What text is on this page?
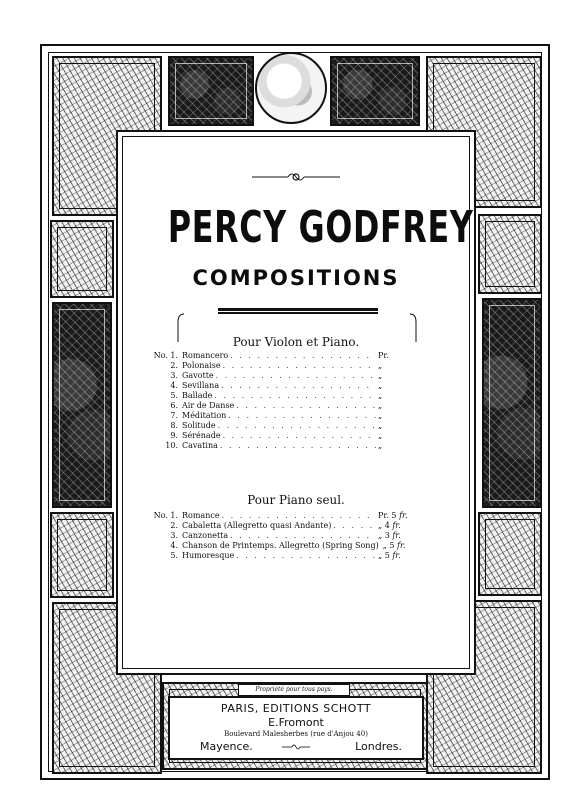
PERCY GODFREY
COMPOSITIONS
Pour Violon et Piano.
No. 1. Romancero . . .	Pr.
2. Polonaise . . .	„
3. Gavotte . . .	„
4. Sevillana . . .	„
5. Ballade . . .	„
6. Air de Danse . . .	„
7. Méditation . . .	„
8. Solitude . . .	„
9. Sérénade . . .	„
10. Cavatina . . .	„
Pour Piano seul.
No. 1. Romance . . .	Pr. 5 fr.
2. Cabaletta (Allegretto quasi Andante) . . .	„ 4 fr.
3. Canzonetta . . .	„ 3 fr.
4. Chanson de Printemps. Allegretto (Spring Song) „ 5 fr.
5. Humoresque . . .	„ 5 fr.
Propriété pour tous pays.
PARIS, EDITIONS SCHOTT
E.Fromont
Boulevard Malesherbes (rue d'Anjou 40)
Mayence.	Londres.
